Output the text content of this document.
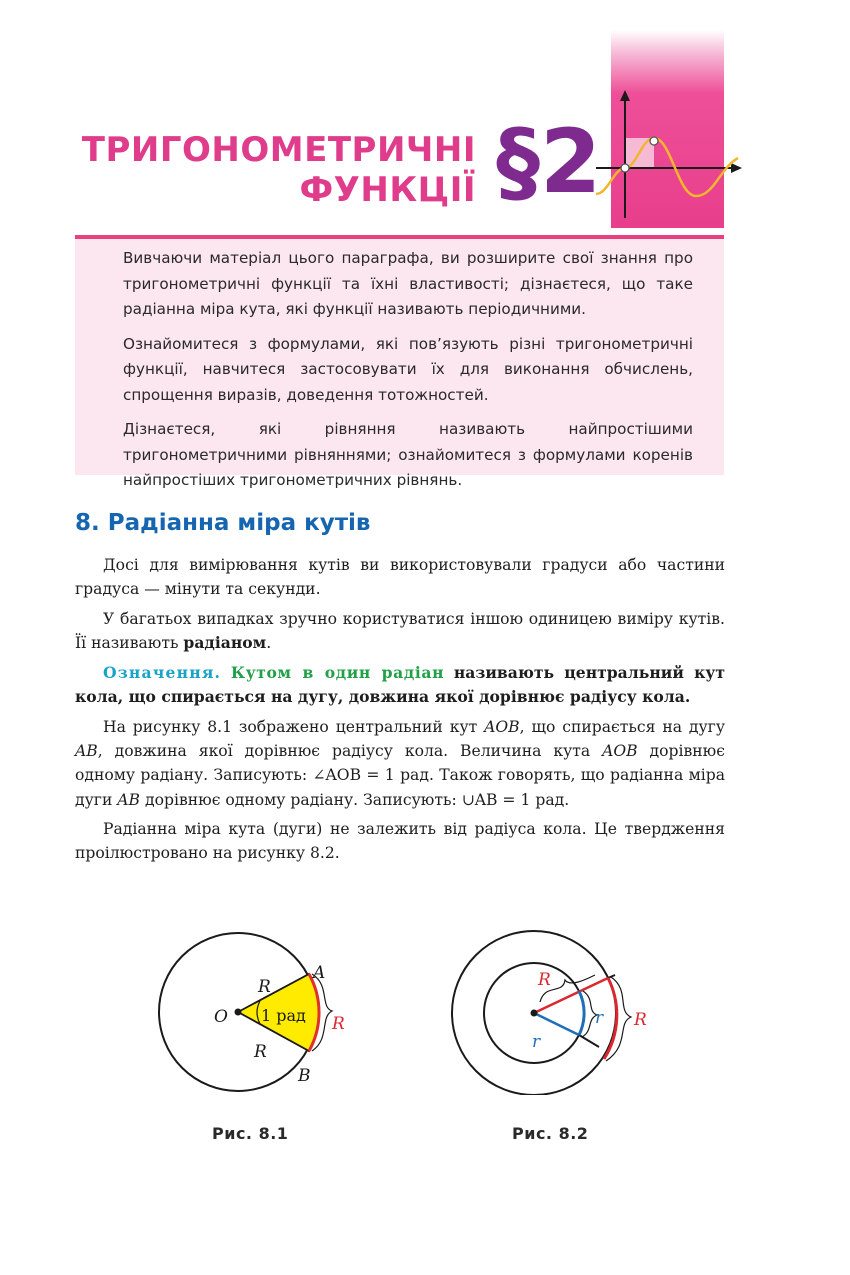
ТРИГОНОМЕТРИЧНІ
ФУНКЦІЇ §2

Вивчаючи матеріал цього параграфа, ви розширите свої знання про тригонометричні функції та їхні властивості; дізнаєтеся, що таке радіанна міра кута, які функції називають періодичними.

Ознайомитеся з формулами, які пов’язують різні тригонометричні функції, навчитеся застосовувати їх для виконання обчислень, спрощення виразів, доведення тотожностей.

Дізнаєтеся, які рівняння називають найпростішими тригонометричними рівняннями; ознайомитеся з формулами коренів найпростіших тригонометричних рівнянь.

8. Радіанна міра кутів

Досі для вимірювання кутів ви використовували градуси або частини градуса — мінути та секунди.

У багатьох випадках зручно користуватися іншою одиницею виміру кутів. Її називають радіаном.

Означення. Кутом в один радіан називають центральний кут кола, що спирається на дугу, довжина якої дорівнює радіусу кола.

На рисунку 8.1 зображено центральний кут AOB, що спирається на дугу AB, довжина якої дорівнює радіусу кола. Величина кута AOB дорівнює одному радіану. Записують: ∠AOB = 1 рад. Також говорять, що радіанна міра дуги AB дорівнює одному радіану. Записують: ∪AB = 1 рад.

Радіанна міра кута (дуги) не залежить від радіуса кола. Це твердження проілюстровано на рисунку 8.2.

R
R
R
O
A
B
1 рад
Рис. 8.1
R
R
r
r
Рис. 8.2
